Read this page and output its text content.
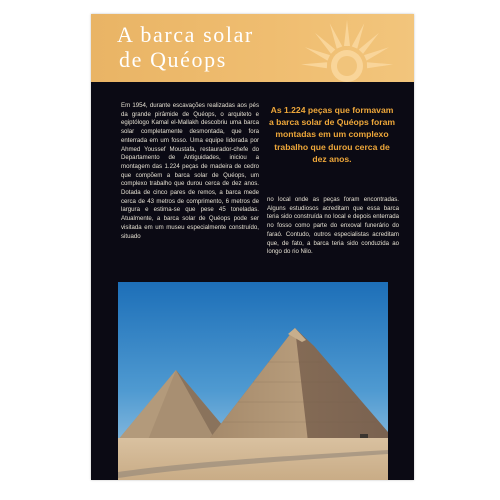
A barca solar
de Quéops

Em 1954, durante escavações realizadas aos pés da grande pirâmide de Quéops, o arquiteto e egiptólogo Kamal el-Mallakh descobriu uma barca solar completamente desmontada, que fora enterrada em um fosso. Uma equipe liderada por Ahmed Youssef Moustafa, restaurador-chefe do Departamento de Antiguidades, iniciou a montagem das 1.224 peças de madeira de cedro que compõem a barca solar de Quéops, um complexo trabalho que durou cerca de dez anos. Dotada de cinco pares de remos, a barca mede cerca de 43 metros de comprimento, 6 metros de largura e estima-se que pese 45 toneladas. Atualmente, a barca solar de Quéops pode ser visitada em um museu especialmente construído, situado

As 1.224 peças que formavam a barca solar de Quéops foram montadas em um complexo trabalho que durou cerca de dez anos.

no local onde as peças foram encontradas. Alguns estudiosos acreditam que essa barca teria sido construída no local e depois enterrada no fosso como parte do enxoval funerário do faraó. Contudo, outros especialistas acreditam que, de fato, a barca teria sido conduzida ao longo do rio Nilo.
